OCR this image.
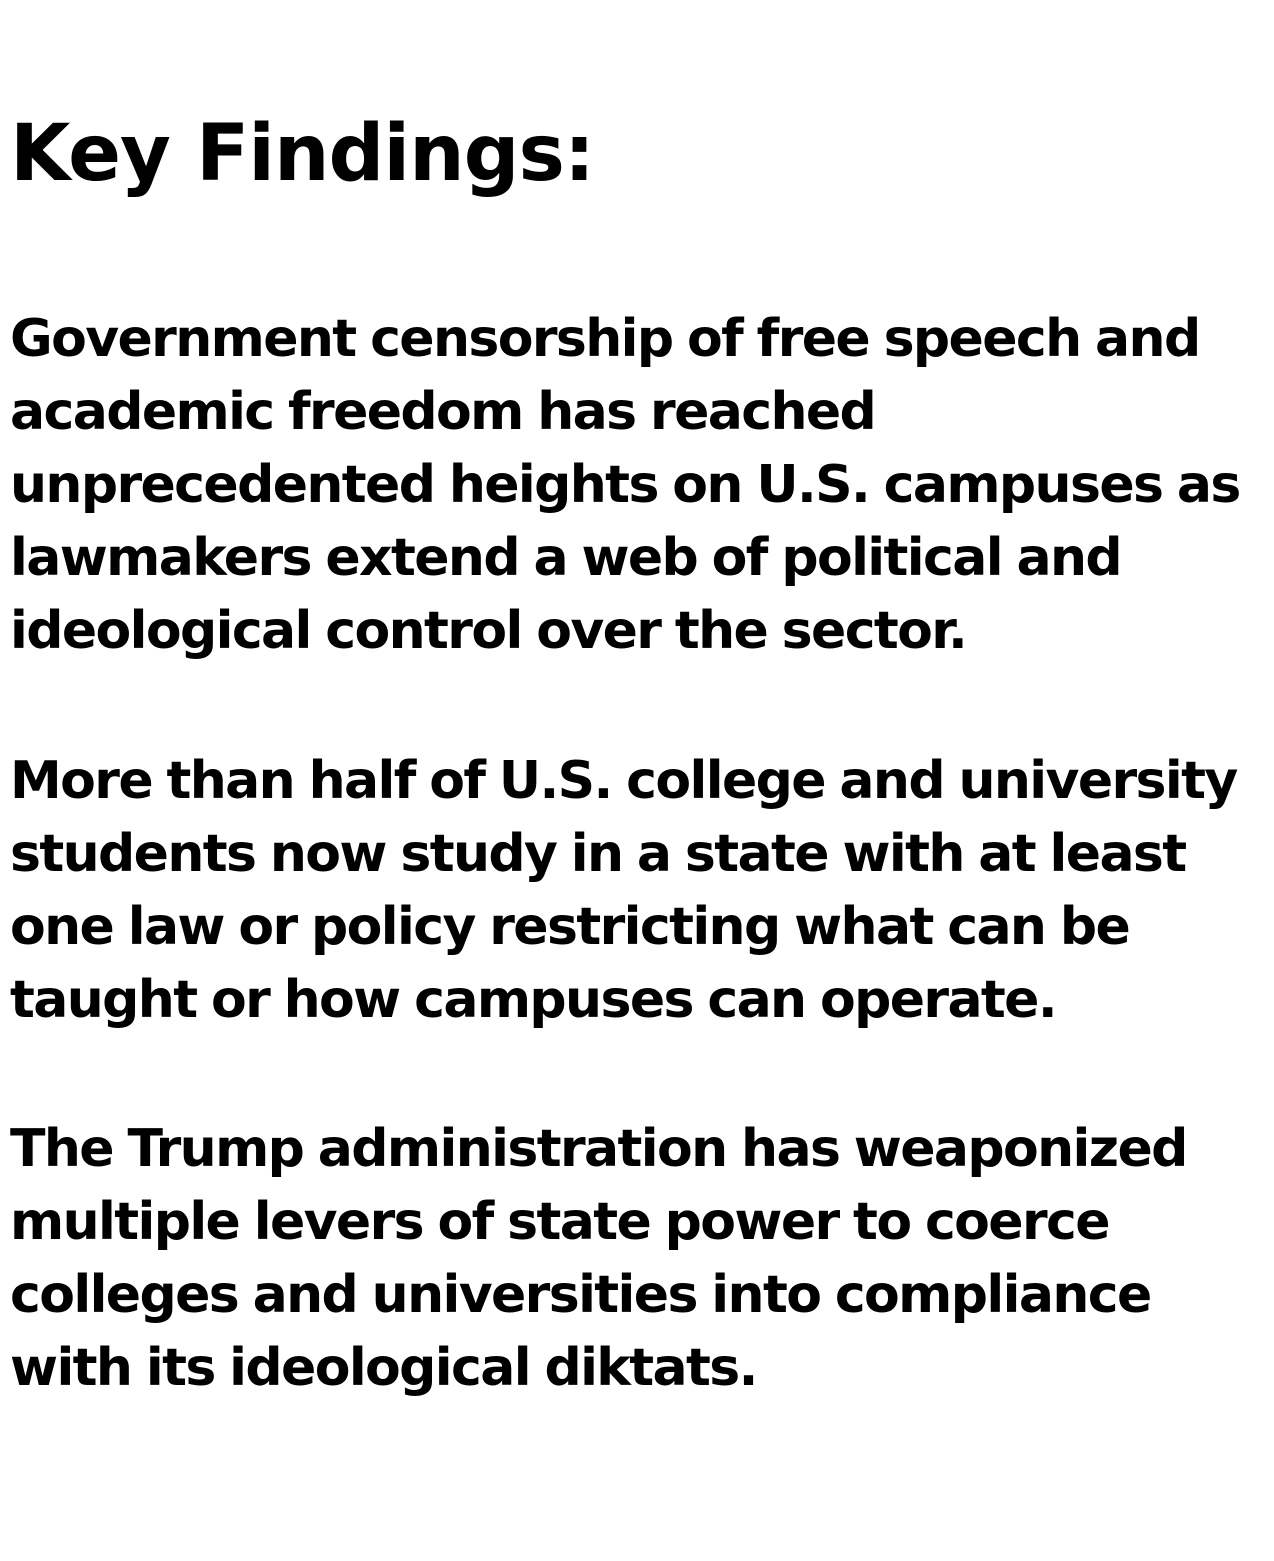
Key Findings:

Government censorship of free speech and academic freedom has reached unprecedented heights on U.S. campuses as lawmakers extend a web of political and ideological control over the sector.

More than half of U.S. college and university students now study in a state with at least one law or policy restricting what can be taught or how campuses can operate.

The Trump administration has weaponized multiple levers of state power to coerce colleges and universities into compliance with its ideological diktats.
